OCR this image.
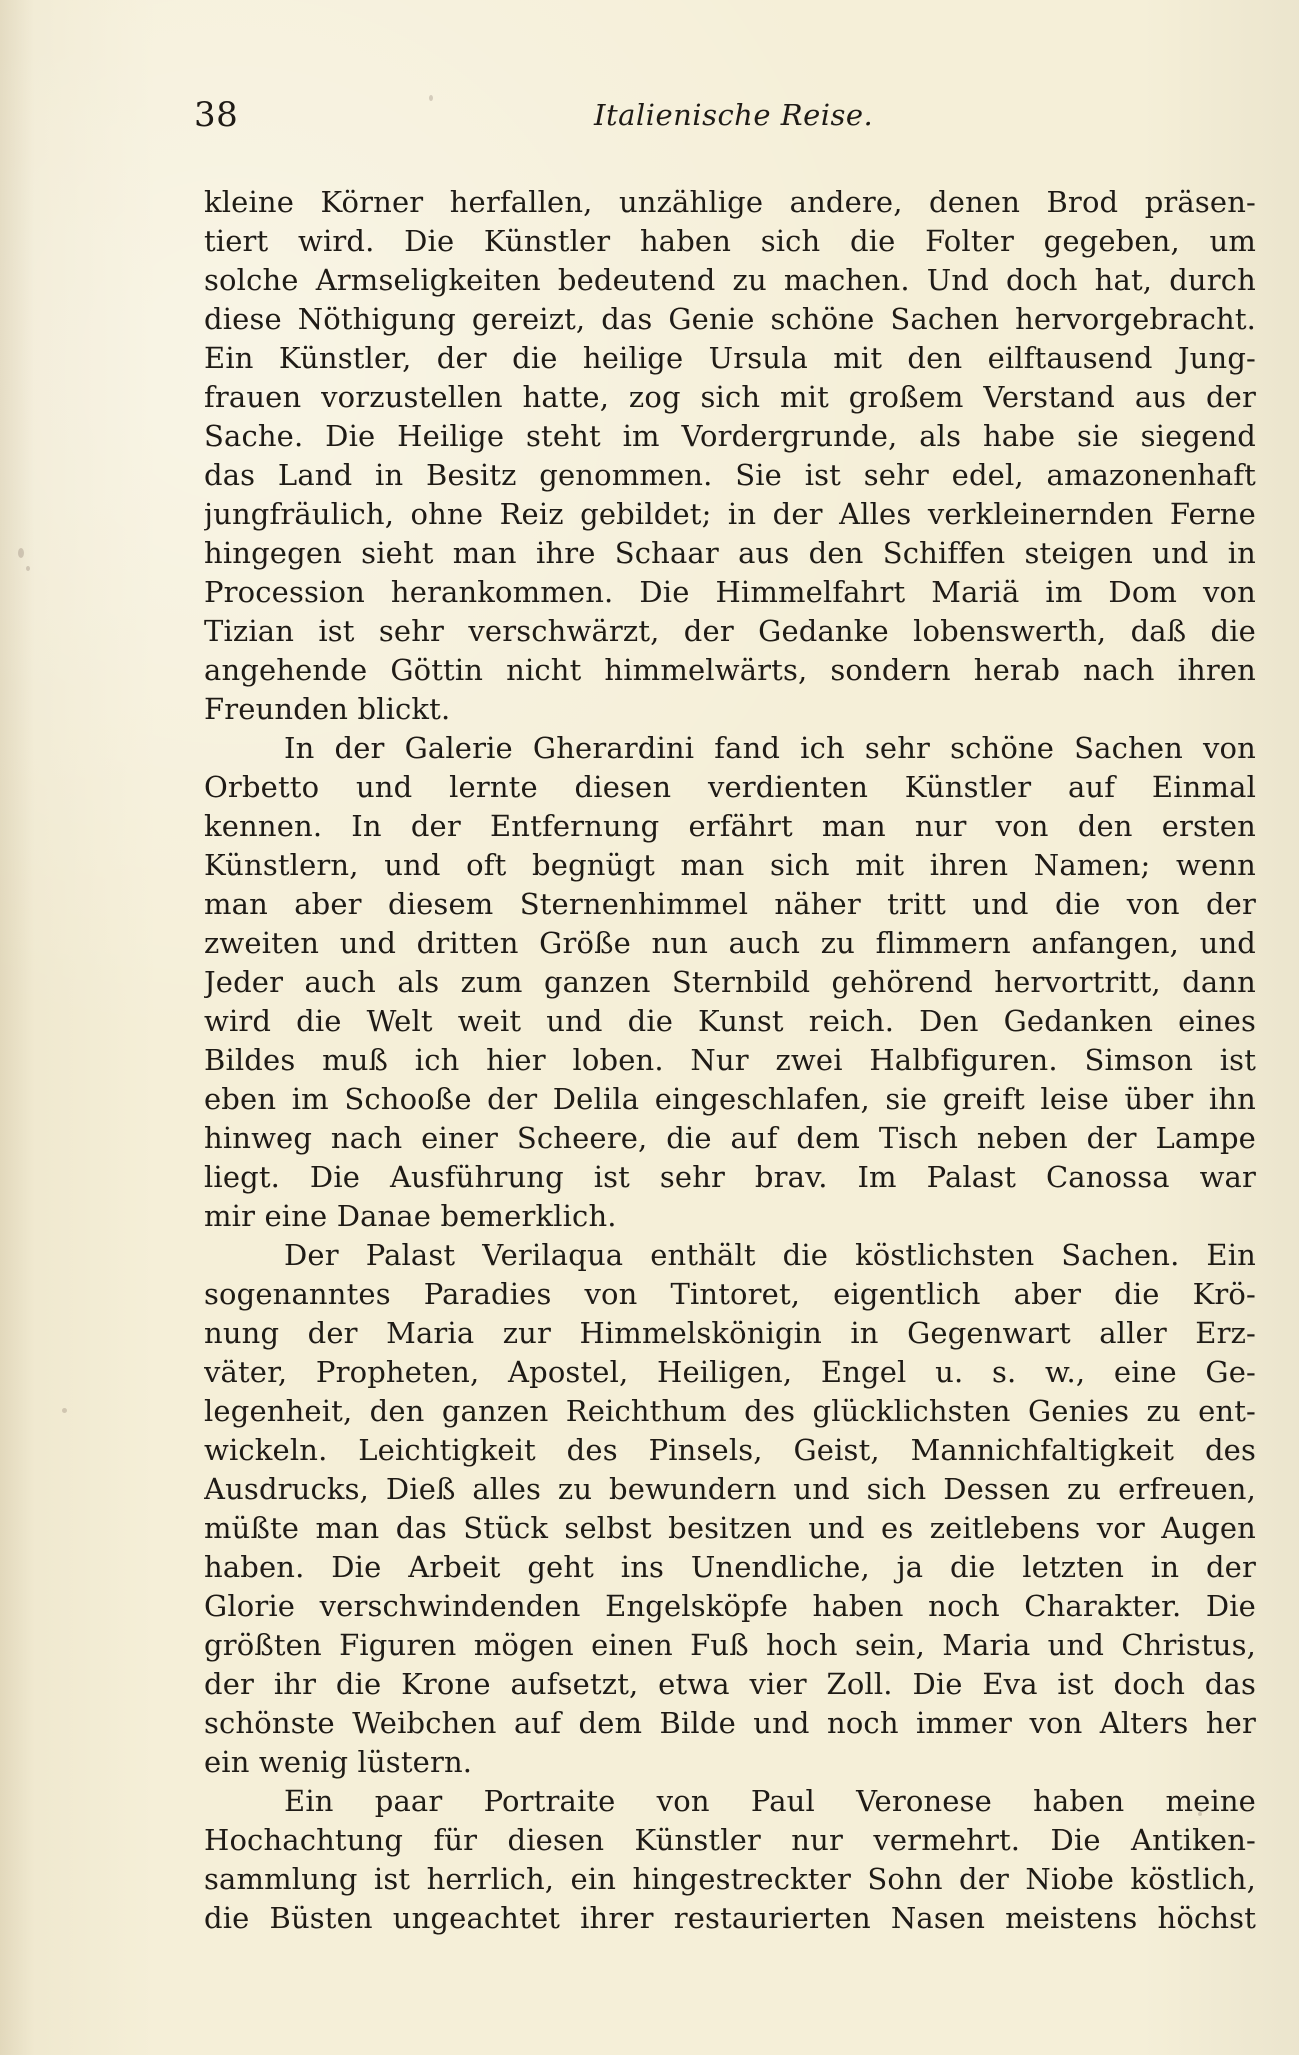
38	Italienische Reise.
kleine Körner herfallen, unzählige andere, denen Brod präsen-
tiert wird. Die Künstler haben sich die Folter gegeben, um
solche Armseligkeiten bedeutend zu machen. Und doch hat, durch
diese Nöthigung gereizt, das Genie schöne Sachen hervorgebracht.
Ein Künstler, der die heilige Ursula mit den eilftausend Jung-
frauen vorzustellen hatte, zog sich mit großem Verstand aus der
Sache. Die Heilige steht im Vordergrunde, als habe sie siegend
das Land in Besitz genommen. Sie ist sehr edel, amazonenhaft
jungfräulich, ohne Reiz gebildet; in der Alles verkleinernden Ferne
hingegen sieht man ihre Schaar aus den Schiffen steigen und in
Procession herankommen. Die Himmelfahrt Mariä im Dom von
Tizian ist sehr verschwärzt, der Gedanke lobenswerth, daß die
angehende Göttin nicht himmelwärts, sondern herab nach ihren
Freunden blickt.
In der Galerie Gherardini fand ich sehr schöne Sachen von
Orbetto und lernte diesen verdienten Künstler auf Einmal
kennen. In der Entfernung erfährt man nur von den ersten
Künstlern, und oft begnügt man sich mit ihren Namen; wenn
man aber diesem Sternenhimmel näher tritt und die von der
zweiten und dritten Größe nun auch zu flimmern anfangen, und
Jeder auch als zum ganzen Sternbild gehörend hervortritt, dann
wird die Welt weit und die Kunst reich. Den Gedanken eines
Bildes muß ich hier loben. Nur zwei Halbfiguren. Simson ist
eben im Schooße der Delila eingeschlafen, sie greift leise über ihn
hinweg nach einer Scheere, die auf dem Tisch neben der Lampe
liegt. Die Ausführung ist sehr brav. Im Palast Canossa war
mir eine Danae bemerklich.
Der Palast Verilaqua enthält die köstlichsten Sachen. Ein
sogenanntes Paradies von Tintoret, eigentlich aber die Krö-
nung der Maria zur Himmelskönigin in Gegenwart aller Erz-
väter, Propheten, Apostel, Heiligen, Engel u. s. w., eine Ge-
legenheit, den ganzen Reichthum des glücklichsten Genies zu ent-
wickeln. Leichtigkeit des Pinsels, Geist, Mannichfaltigkeit des
Ausdrucks, Dieß alles zu bewundern und sich Dessen zu erfreuen,
müßte man das Stück selbst besitzen und es zeitlebens vor Augen
haben. Die Arbeit geht ins Unendliche, ja die letzten in der
Glorie verschwindenden Engelsköpfe haben noch Charakter. Die
größten Figuren mögen einen Fuß hoch sein, Maria und Christus,
der ihr die Krone aufsetzt, etwa vier Zoll. Die Eva ist doch das
schönste Weibchen auf dem Bilde und noch immer von Alters her
ein wenig lüstern.
Ein paar Portraite von Paul Veronese haben meine
Hochachtung für diesen Künstler nur vermehrt. Die Antiken-
sammlung ist herrlich, ein hingestreckter Sohn der Niobe köstlich,
die Büsten ungeachtet ihrer restaurierten Nasen meistens höchst
